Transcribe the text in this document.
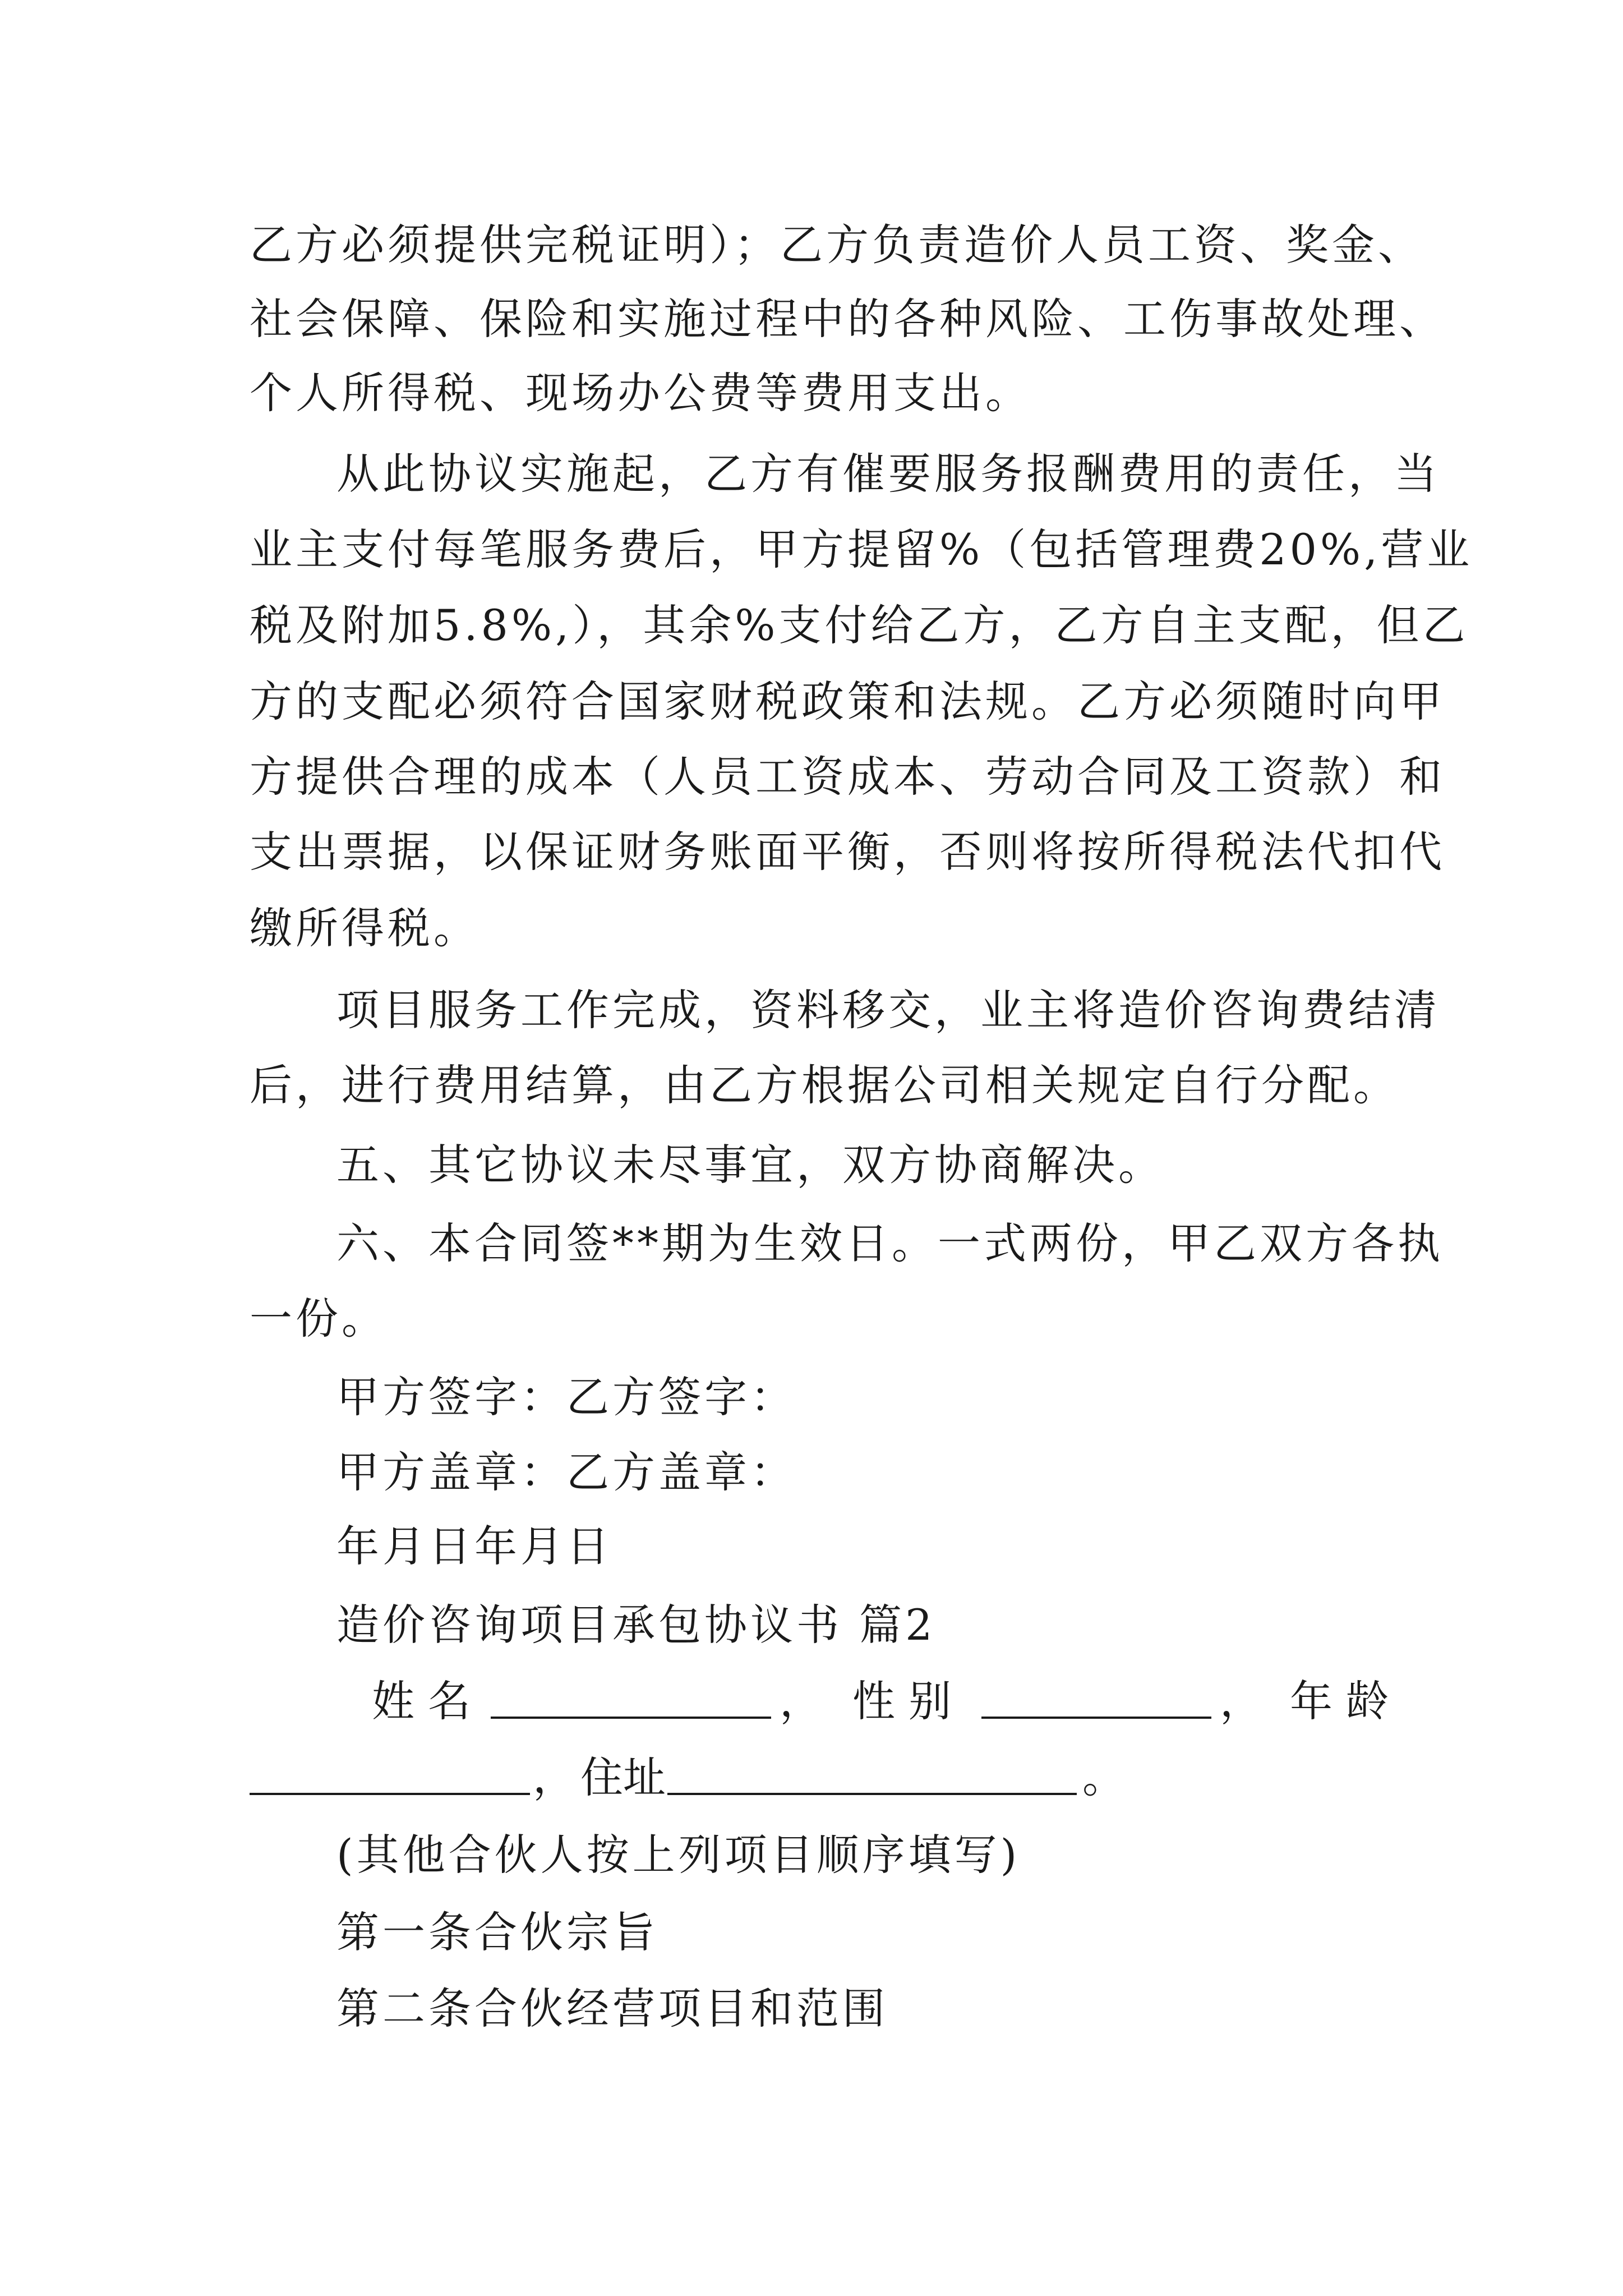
乙方必须提供完税证明）；乙方负责造价人员工资、奖金、
社会保障、保险和实施过程中的各种风险、工伤事故处理、
个人所得税、现场办公费等费用支出。
从此协议实施起，乙方有催要服务报酬费用的责任，当
业主支付每笔服务费后，甲方提留%（包括管理费20%,营业
税及附加5.8%,），其余%支付给乙方，乙方自主支配，但乙
方的支配必须符合国家财税政策和法规。乙方必须随时向甲
方提供合理的成本（人员工资成本、劳动合同及工资款）和
支出票据，以保证财务账面平衡，否则将按所得税法代扣代
缴所得税。
项目服务工作完成，资料移交，业主将造价咨询费结清
后，进行费用结算，由乙方根据公司相关规定自行分配。
五、其它协议未尽事宜，双方协商解决。
六、本合同签**期为生效日。一式两份，甲乙双方各执
一份。
甲方签字：乙方签字：
甲方盖章：乙方盖章：
年月日年月日
造价咨询项目承包协议书 篇2
姓 名	， 性 别	， 年 龄
， 住址	。
(其他合伙人按上列项目顺序填写)
第一条合伙宗旨
第二条合伙经营项目和范围
